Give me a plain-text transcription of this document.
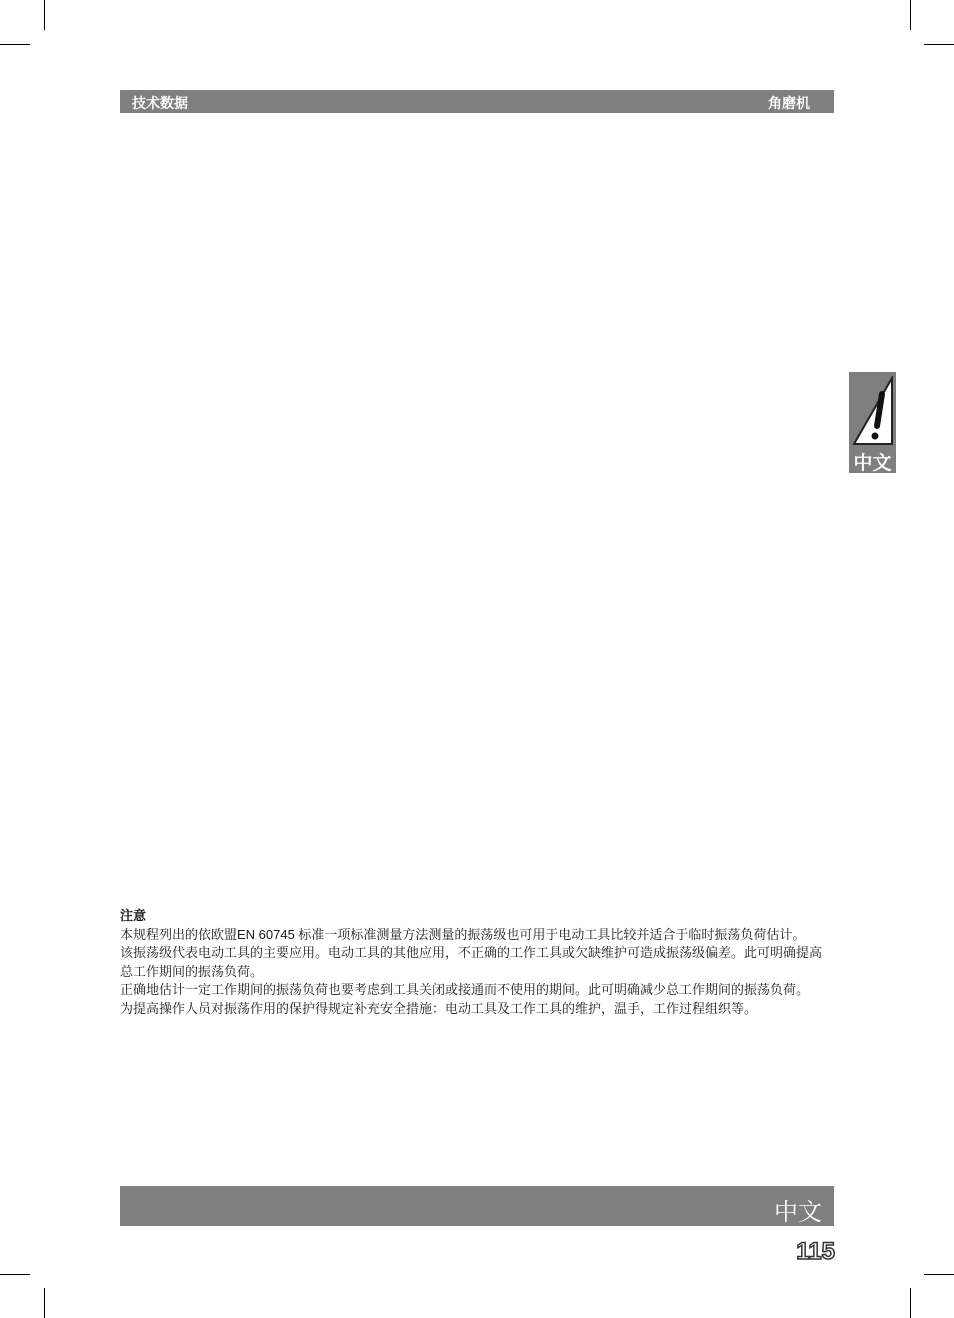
技术数据	角磨机
中文
注意
本规程列出的依欧盟EN 60745 标准一项标准测量方法测量的振荡级也可用于电动工具比较并适合于临时振荡负荷估计。
该振荡级代表电动工具的主要应用。电动工具的其他应用，不正确的工作工具或欠缺维护可造成振荡级偏差。此可明确提高总工作期间的振荡负荷。
正确地估计一定工作期间的振荡负荷也要考虑到工具关闭或接通而不使用的期间。此可明确减少总工作期间的振荡负荷。
为提高操作人员对振荡作用的保护得规定补充安全措施：电动工具及工作工具的维护，温手，工作过程组织等。
中文
115
